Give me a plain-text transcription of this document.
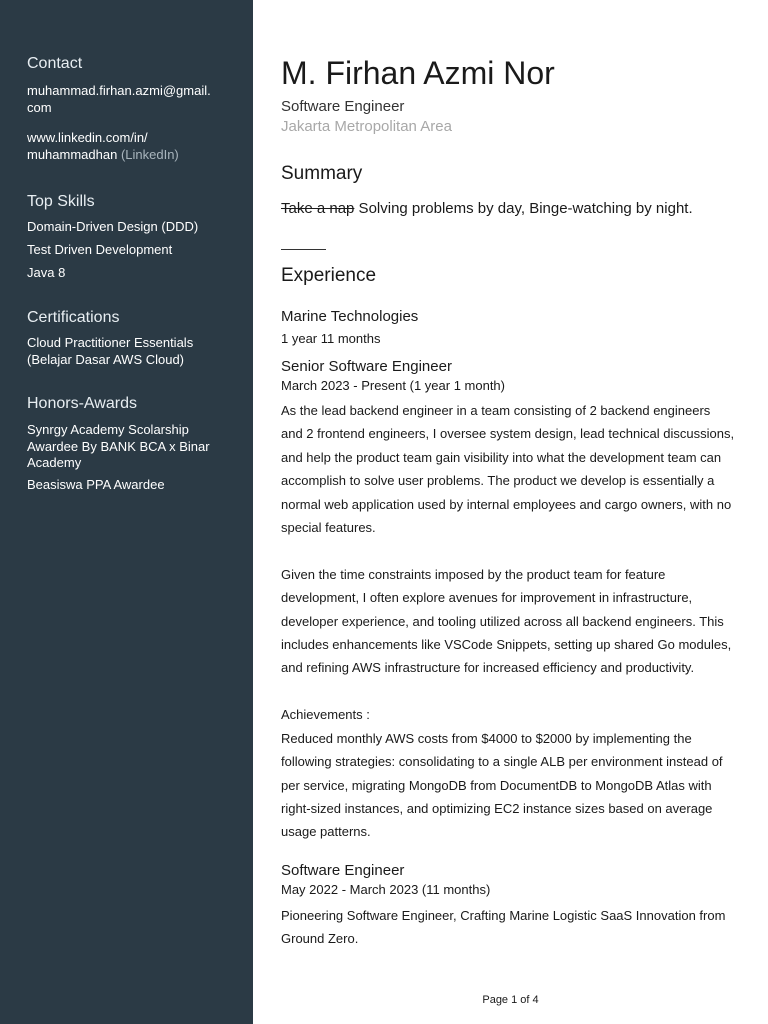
Contact
muhammad.firhan.azmi@gmail.
com
www.linkedin.com/in/
muhammadhan (LinkedIn)
Top Skills
Domain-Driven Design (DDD)
Test Driven Development
Java 8
Certifications
Cloud Practitioner Essentials
(Belajar Dasar AWS Cloud)
Honors-Awards
Synrgy Academy Scolarship
Awardee By BANK BCA x Binar
Academy
Beasiswa PPA Awardee
M. Firhan Azmi Nor
Software Engineer
Jakarta Metropolitan Area
Summary
Take a nap Solving problems by day, Binge-watching by night.
Experience
Marine Technologies
1 year 11 months
Senior Software Engineer
March 2023 - Present (1 year 1 month)
As the lead backend engineer in a team consisting of 2 backend engineers
and 2 frontend engineers, I oversee system design, lead technical discussions,
and help the product team gain visibility into what the development team can
accomplish to solve user problems. The product we develop is essentially a
normal web application used by internal employees and cargo owners, with no
special features.

Given the time constraints imposed by the product team for feature
development, I often explore avenues for improvement in infrastructure,
developer experience, and tooling utilized across all backend engineers. This
includes enhancements like VSCode Snippets, setting up shared Go modules,
and refining AWS infrastructure for increased efficiency and productivity.

Achievements :
Reduced monthly AWS costs from $4000 to $2000 by implementing the
following strategies: consolidating to a single ALB per environment instead of
per service, migrating MongoDB from DocumentDB to MongoDB Atlas with
right-sized instances, and optimizing EC2 instance sizes based on average
usage patterns.
Software Engineer
May 2022 - March 2023 (11 months)
Pioneering Software Engineer, Crafting Marine Logistic SaaS Innovation from
Ground Zero.
Page 1 of 4
